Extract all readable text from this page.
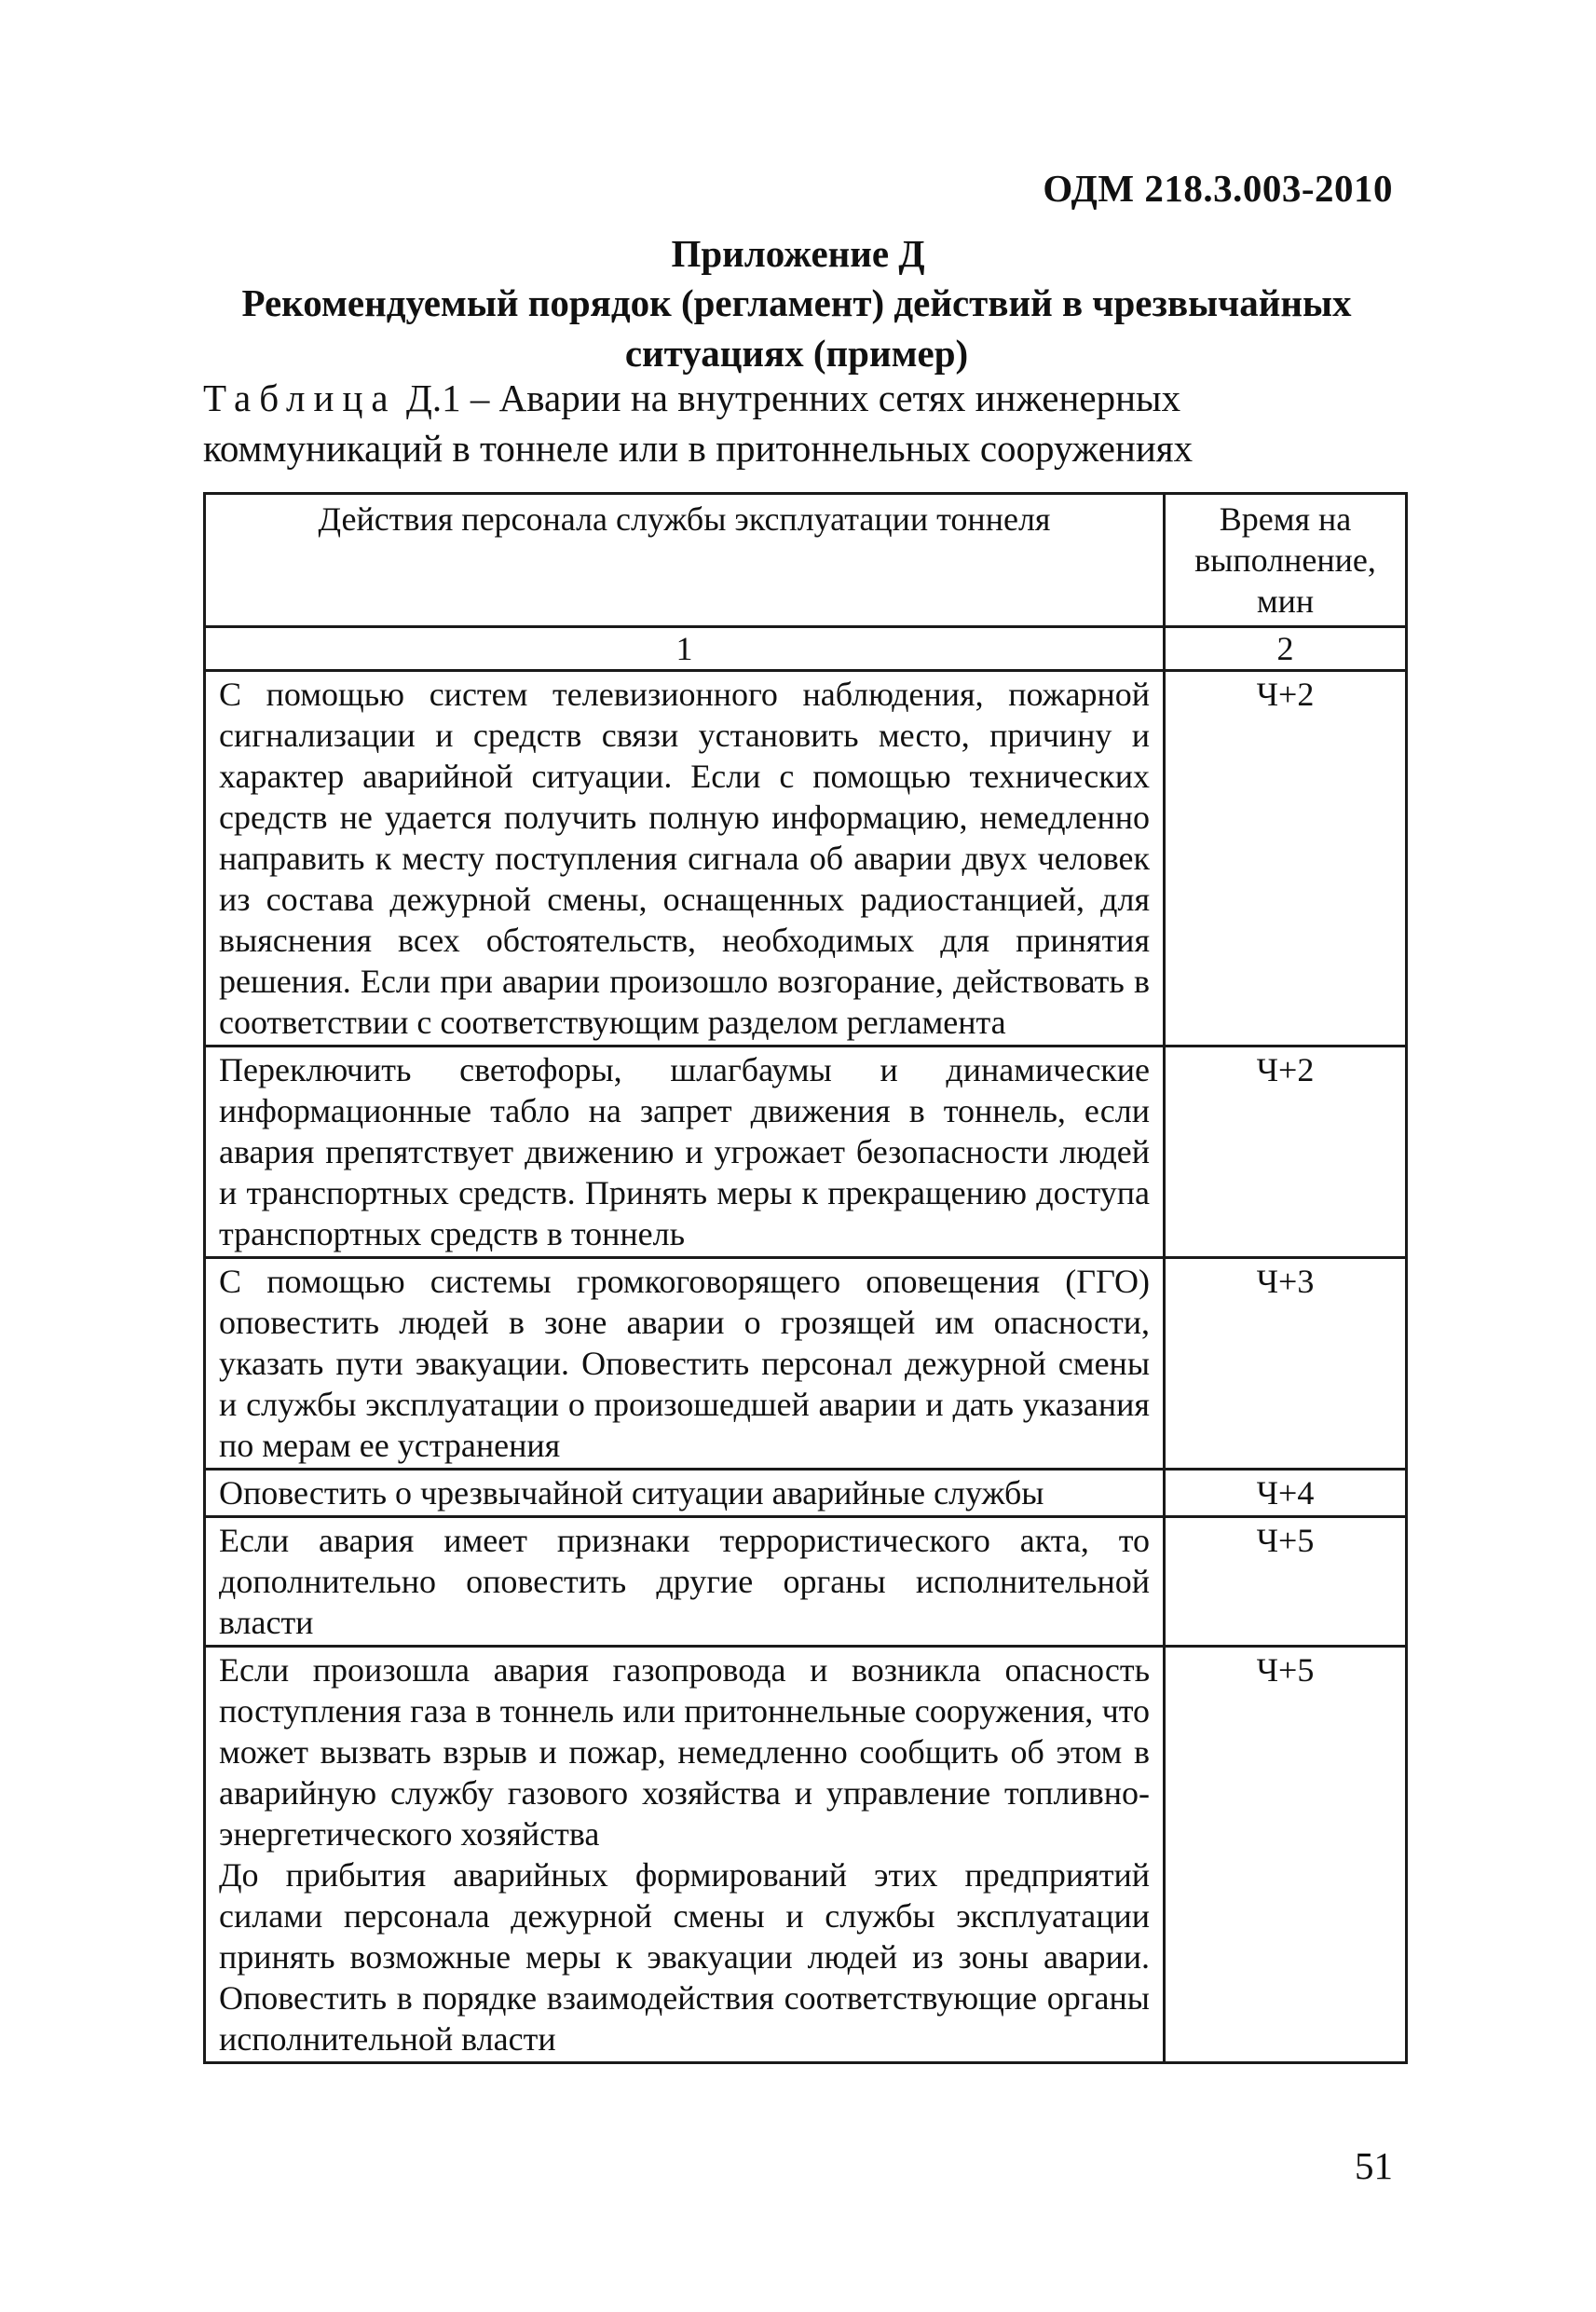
ОДМ 218.3.003-2010
Приложение Д
Рекомендуемый порядок (регламент) действий в чрезвычайных ситуациях (пример)
Таблица Д.1 – Аварии на внутренних сетях инженерных коммуникаций в тоннеле или в притоннельных сооружениях
Действия персонала службы эксплуатации тоннеля	Время на выполнение, мин
1	2

С помощью систем телевизионного наблюдения, пожарной сигнализации и средств связи установить место, причину и характер аварийной ситуации. Если с помощью технических средств не удается получить полную информацию, немедленно направить к месту поступления сигнала об аварии двух человек из состава дежурной смены, оснащенных радиостанцией, для выяснения всех обстоятельств, необходимых для принятия решения. Если при аварии произошло возгорание, действовать в соответствии с соответствующим разделом регламента	Ч+2

Переключить светофоры, шлагбаумы и динамические информационные табло на запрет движения в тоннель, если авария препятствует движению и угрожает безопасности людей и транспортных средств. Принять меры к прекращению доступа транспортных средств в тоннель	Ч+2

С помощью системы громкоговорящего оповещения (ГГО) оповестить людей в зоне аварии о грозящей им опасности, указать пути эвакуации. Оповестить персонал дежурной смены и службы эксплуатации о произошедшей аварии и дать указания по мерам ее устранения	Ч+3

Оповестить о чрезвычайной ситуации аварийные службы	Ч+4

Если авария имеет признаки террористического акта, то дополнительно оповестить другие органы исполнительной власти	Ч+5

Если произошла авария газопровода и возникла опасность поступления газа в тоннель или притоннельные сооружения, что может вызвать взрыв и пожар, немедленно сообщить об этом в аварийную службу газового хозяйства и управление топливно-энергетического хозяйства
До прибытия аварийных формирований этих предприятий силами персонала дежурной смены и службы эксплуатации принять возможные меры к эвакуации людей из зоны аварии. Оповестить в порядке взаимодействия соответствующие органы исполнительной власти	Ч+5
51
